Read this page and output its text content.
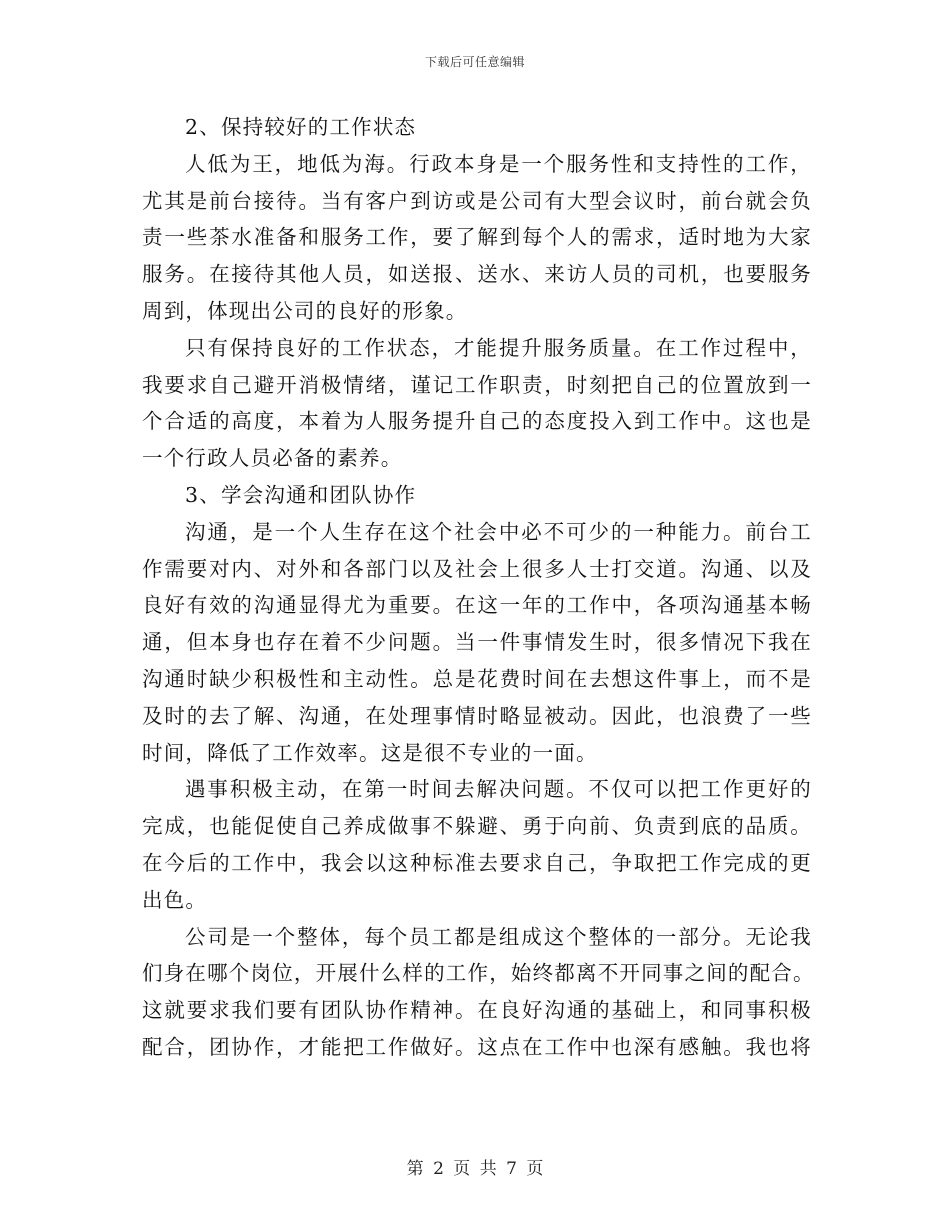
下载后可任意编辑
2、保持较好的工作状态
人低为王，地低为海。行政本身是一个服务性和支持性的工作，
尤其是前台接待。当有客户到访或是公司有大型会议时，前台就会负
责一些茶水准备和服务工作，要了解到每个人的需求，适时地为大家
服务。在接待其他人员，如送报、送水、来访人员的司机，也要服务
周到，体现出公司的良好的形象。
只有保持良好的工作状态，才能提升服务质量。在工作过程中，
我要求自己避开消极情绪，谨记工作职责，时刻把自己的位置放到一
个合适的高度，本着为人服务提升自己的态度投入到工作中。这也是
一个行政人员必备的素养。
3、学会沟通和团队协作
沟通，是一个人生存在这个社会中必不可少的一种能力。前台工
作需要对内、对外和各部门以及社会上很多人士打交道。沟通、以及
良好有效的沟通显得尤为重要。在这一年的工作中，各项沟通基本畅
通，但本身也存在着不少问题。当一件事情发生时，很多情况下我在
沟通时缺少积极性和主动性。总是花费时间在去想这件事上，而不是
及时的去了解、沟通，在处理事情时略显被动。因此，也浪费了一些
时间，降低了工作效率。这是很不专业的一面。
遇事积极主动，在第一时间去解决问题。不仅可以把工作更好的
完成，也能促使自己养成做事不躲避、勇于向前、负责到底的品质。
在今后的工作中，我会以这种标准去要求自己，争取把工作完成的更
出色。
公司是一个整体，每个员工都是组成这个整体的一部分。无论我
们身在哪个岗位，开展什么样的工作，始终都离不开同事之间的配合。
这就要求我们要有团队协作精神。在良好沟通的基础上，和同事积极
配合，团协作，才能把工作做好。这点在工作中也深有感触。我也将
第 2 页 共 7 页
